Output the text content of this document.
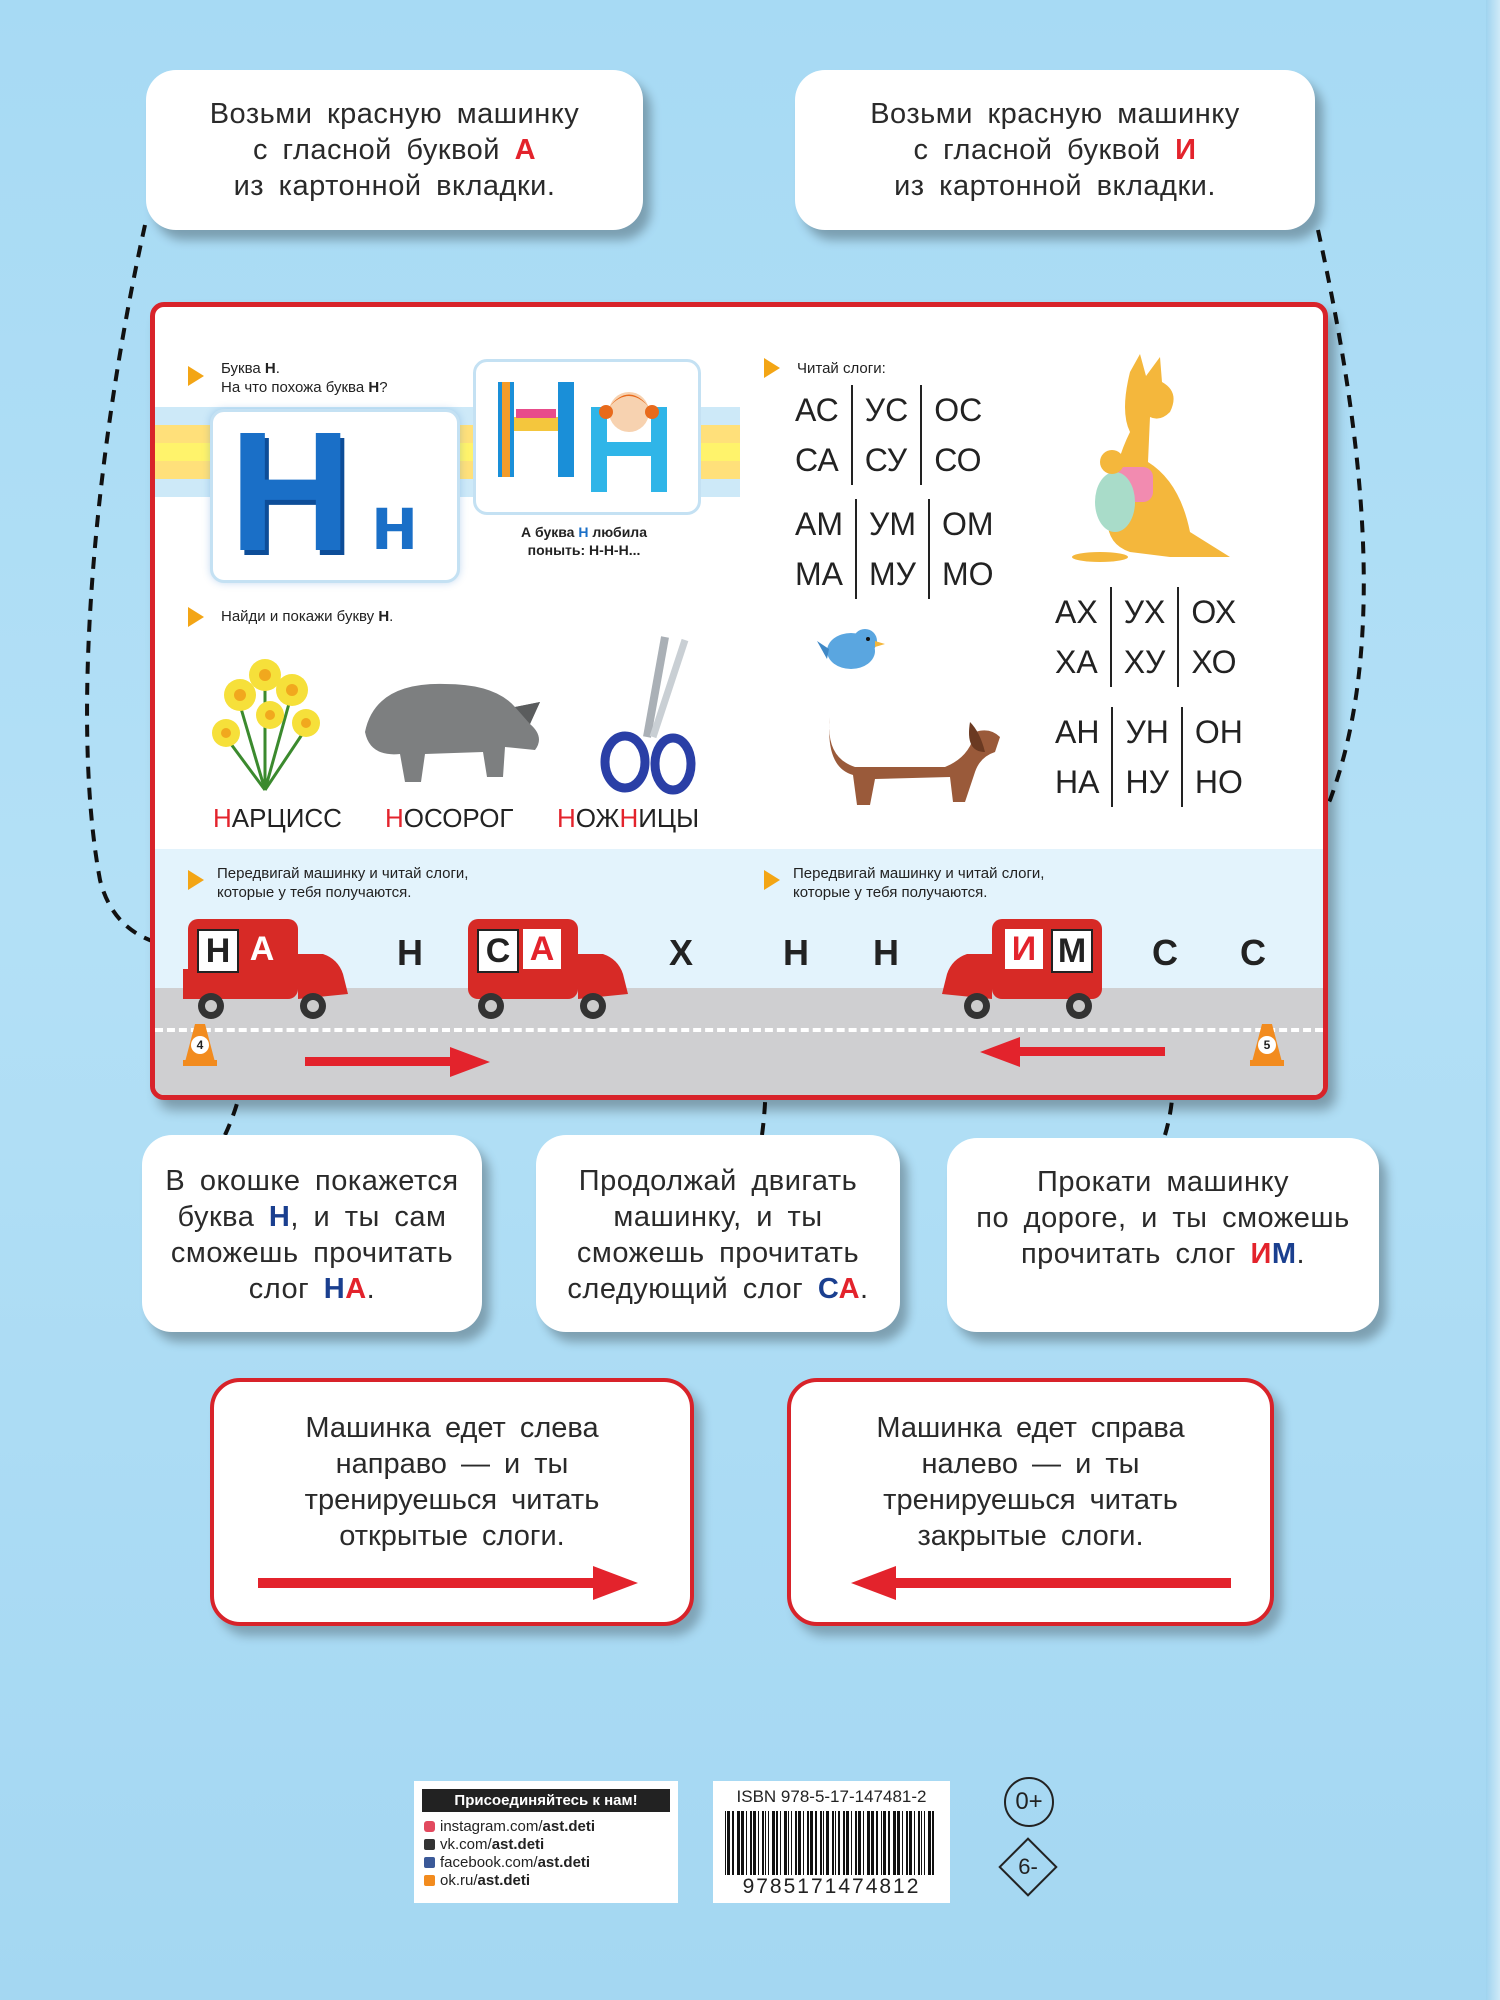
Возьми красную машинку
с гласной буквой А
из картонной вкладки.
Возьми красную машинку
с гласной буквой И
из картонной вкладки.
Буква Н.
На что похожа буква Н?
Н н	А буква Н любила
поныть: Н-Н-Н...
Найди и покажи букву Н.
НАРЦИСС НОСОРОГ НОЖНИЦЫ
Читай слоги:
АС	УС	ОС
СА	СУ	СО
АМ	УМ	ОМ
МА	МУ	МО
АХ	УХ	ОХ
ХА	ХУ	ХО
АН	УН	ОН
НА	НУ	НО
Передвигай машинку и читай слоги,
которые у тебя получаются.
Передвигай машинку и читай слоги,
которые у тебя получаются.
Н	Х Н Н	С С
Н А	С А	И М
4	5
В окошке покажется
буква Н, и ты сам
сможешь прочитать
слог НА.
Продолжай двигать
машинку, и ты
сможешь прочитать
следующий слог СА.
Прокати машинку
по дороге, и ты сможешь
прочитать слог ИМ.
Машинка едет слева
направо — и ты
тренируешься читать
открытые слоги.
Машинка едет справа
налево — и ты
тренируешься читать
закрытые слоги.
Присоединяйтесь к нам!
instagram.com/ast.deti
vk.com/ast.deti
facebook.com/ast.deti
ok.ru/ast.deti
ISBN 978-5-17-147481-2
9785171474812
0+
6-
